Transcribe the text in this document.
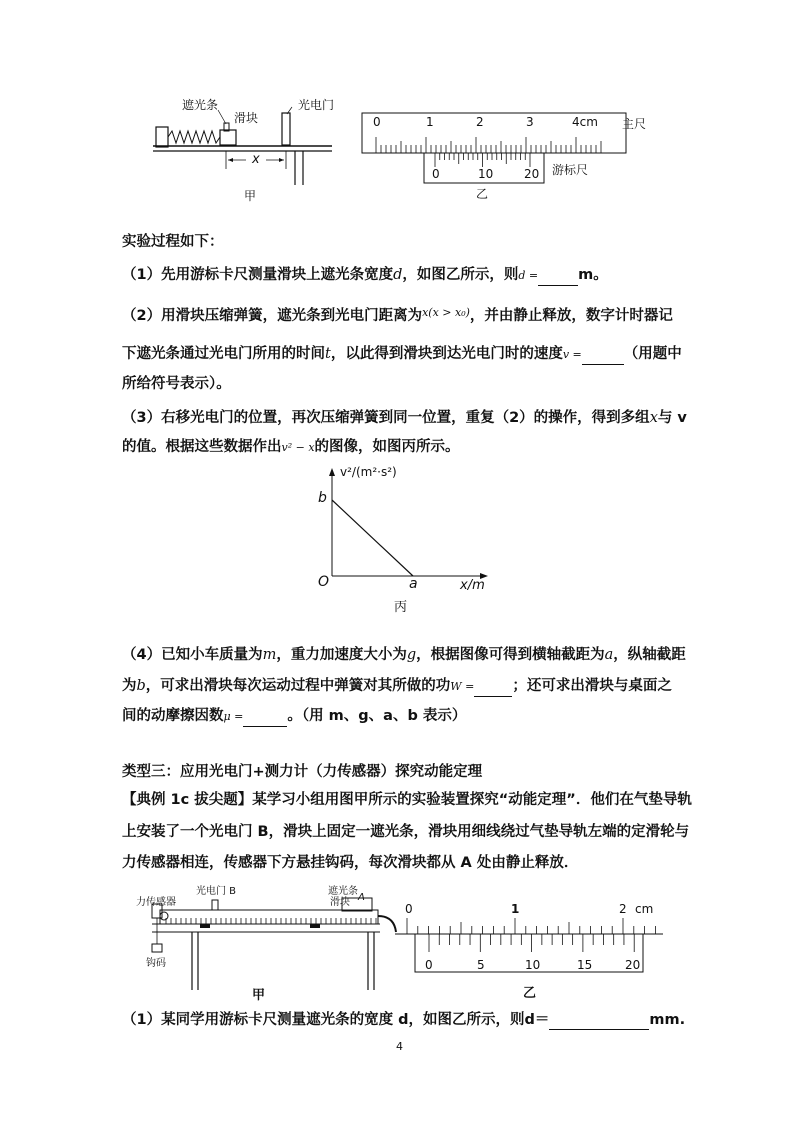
遮光条
滑块
光电门
x
甲
0	1	2	3	4cm 主尺
0	10	20 游标尺
乙
实验过程如下：
（1）先用游标卡尺测量滑块上遮光条宽度d，如图乙所示，则d =	m。
（2）用滑块压缩弹簧，遮光条到光电门距离为$^{x(x > x_0)}$，并由静止释放，数字计时器记
下遮光条通过光电门所用的时间t，以此得到滑块到达光电门时的速度v =	（用题中
所给符号表示）。
（3）右移光电门的位置，再次压缩弹簧到同一位置，重复（2）的操作，得到多组x与 v
的值。根据这些数据作出v² − x的图像，如图丙所示。
v²/(m²·s²)
b
O	a	x/m
丙
（4）已知小车质量为m，重力加速度大小为g，根据图像可得到横轴截距为a，纵轴截距
为b，可求出滑块每次运动过程中弹簧对其所做的功W =	；还可求出滑块与桌面之
间的动摩擦因数μ =	。（用 m、g、a、b 表示）
类型三：应用光电门+测力计（力传感器）探究动能定理
【典例 1c 拔尖题】某学习小组用图甲所示的实验装置探究“动能定理”．他们在气垫导轨
上安装了一个光电门 B，滑块上固定一遮光条，滑块用细线绕过气垫导轨左端的定滑轮与
力传感器相连，传感器下方悬挂钩码，每次滑块都从 A 处由静止释放．
力传感器
光电门 B	遮光条
滑块 A
钩码
甲
0	1	2 cm
0	5	10	15	20
乙
（1）某同学用游标卡尺测量遮光条的宽度 d，如图乙所示，则d＝	mm.
4
